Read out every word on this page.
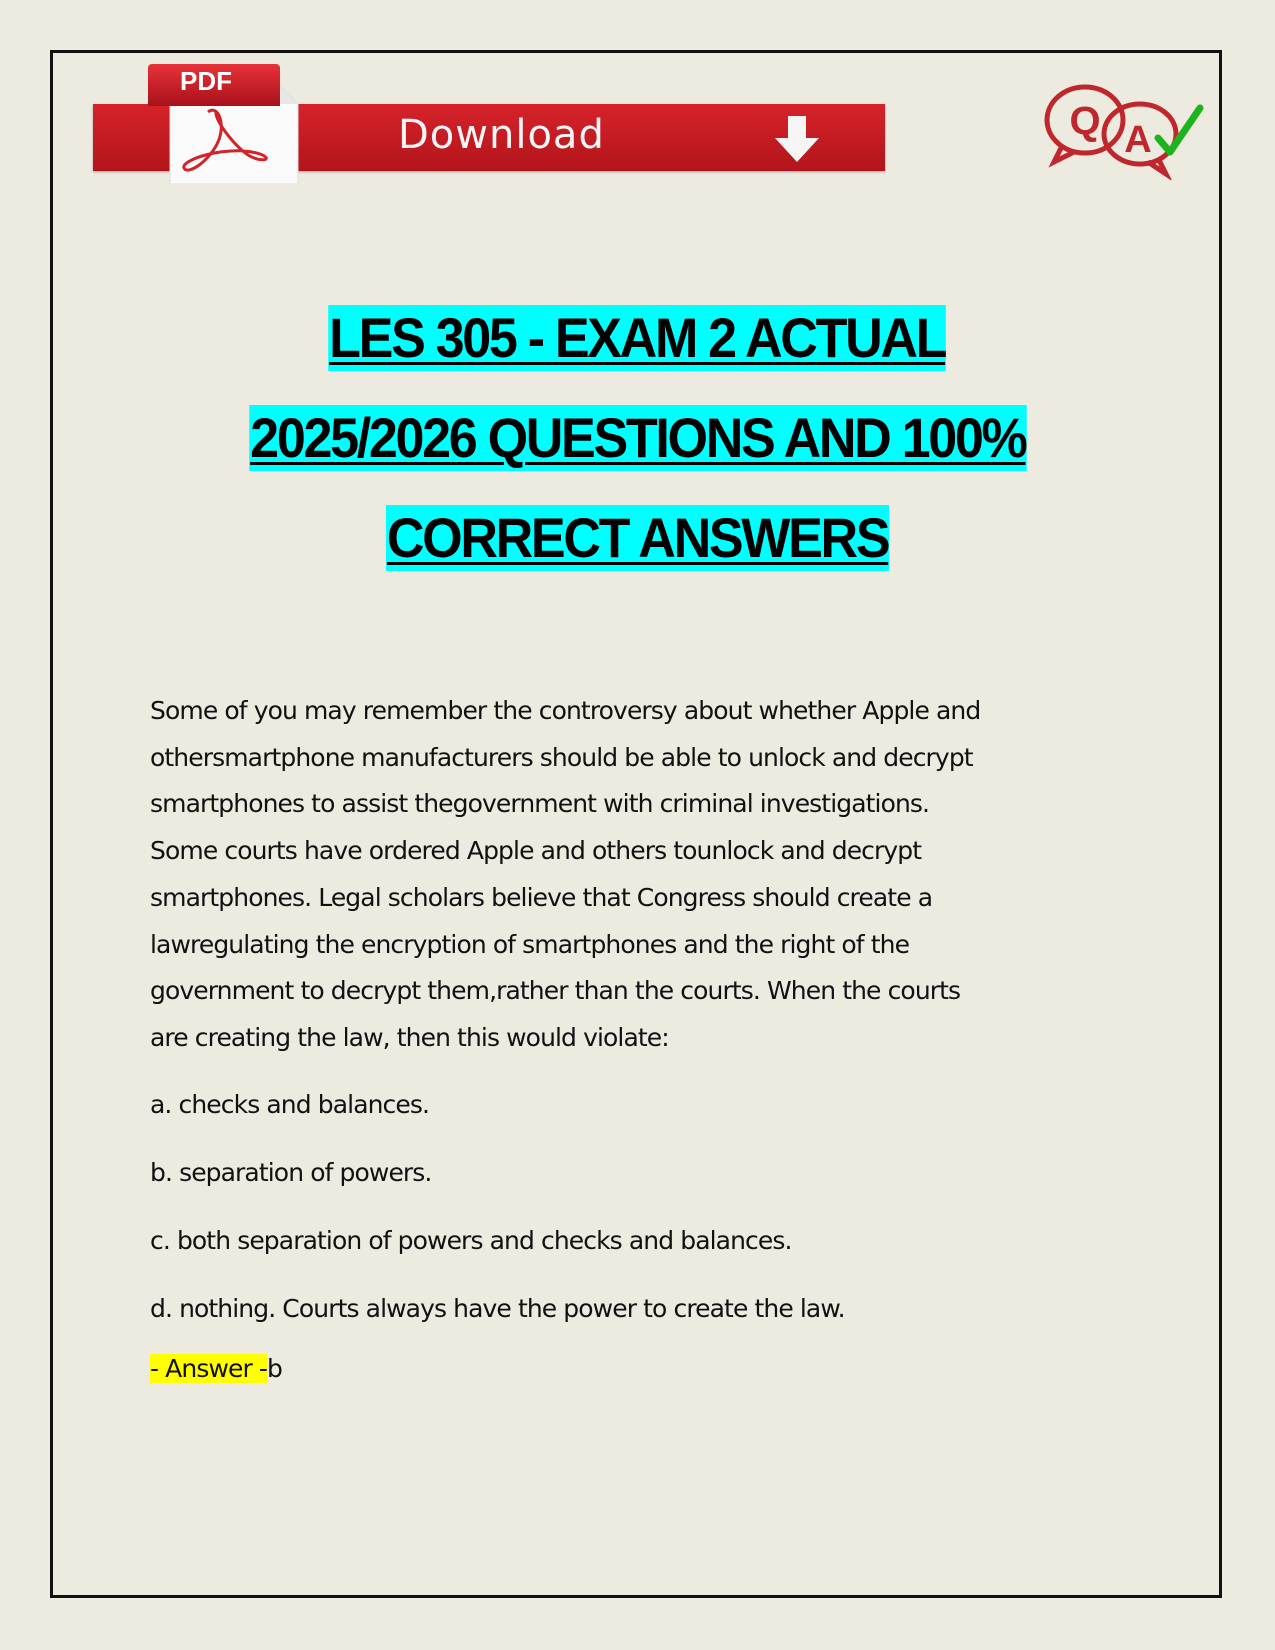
Download
PDF
Q A
LES 305 - EXAM 2 ACTUAL
2025/2026 QUESTIONS AND 100%
CORRECT ANSWERS
Some of you may remember the controversy about whether Apple and
othersmartphone manufacturers should be able to unlock and decrypt
smartphones to assist thegovernment with criminal investigations.
Some courts have ordered Apple and others tounlock and decrypt
smartphones. Legal scholars believe that Congress should create a
lawregulating the encryption of smartphones and the right of the
government to decrypt them,rather than the courts. When the courts
are creating the law, then this would violate:

a. checks and balances.

b. separation of powers.

c. both separation of powers and checks and balances.

d. nothing. Courts always have the power to create the law.

- Answer -b
